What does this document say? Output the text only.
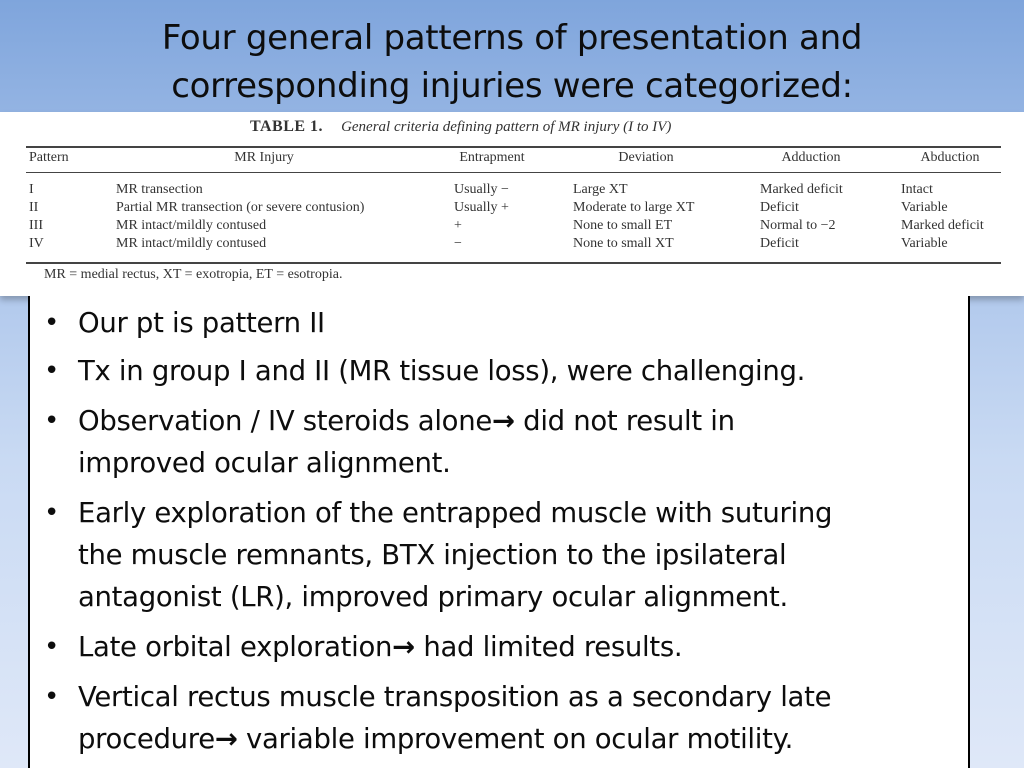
Four general patterns of presentation and
corresponding injuries were categorized:
TABLE 1. General criteria defining pattern of MR injury (I to IV)
Pattern	MR Injury	Entrapment	Deviation	Adduction	Abduction
I	MR transection	Usually −	Large XT	Marked deficit	Intact
II	Partial MR transection (or severe contusion)	Usually +	Moderate to large XT	Deficit	Variable
III	MR intact/mildly contused	+	None to small ET	Normal to −2	Marked deficit
IV	MR intact/mildly contused	−	None to small XT	Deficit	Variable
MR = medial rectus, XT = exotropia, ET = esotropia.
• Our pt is pattern II
• Tx in group I and II (MR tissue loss), were challenging.
• Observation / IV steroids alone→ did not result in
improved ocular alignment.
• Early exploration of the entrapped muscle with suturing
the muscle remnants, BTX injection to the ipsilateral
antagonist (LR), improved primary ocular alignment.
• Late orbital exploration→ had limited results.
• Vertical rectus muscle transposition as a secondary late
procedure→ variable improvement on ocular motility.
